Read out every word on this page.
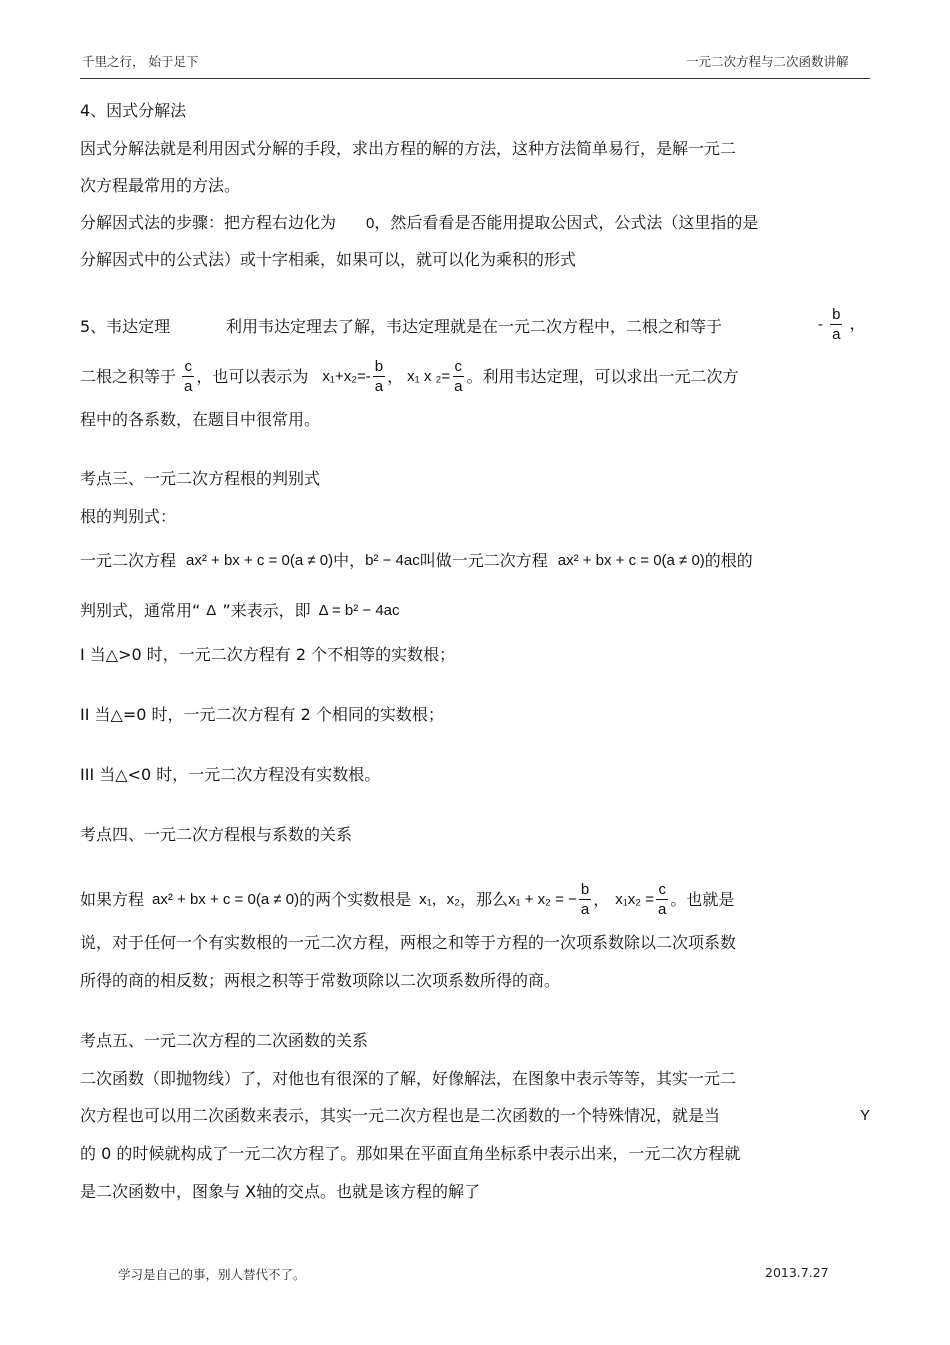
千里之行， 始于足下	一元二次方程与二次函数讲解
4、因式分解法
因式分解法就是利用因式分解的手段，求出方程的解的方法，这种方法简单易行，是解一元二
次方程最常用的方法。
分解因式法的步骤：把方程右边化为 0，然后看看是否能用提取公因式，公式法（这里指的是
分解因式中的公式法）或十字相乘，如果可以，就可以化为乘积的形式
5、韦达定理	利用韦达定理去了解，韦达定理就是在一元二次方程中，二根之和等于	- $\frac{b}{a}$ ，
二根之积等于 $\frac{c}{a}$ ，也可以表示为 $x_1+x_2=- \frac{b}{a}$ ， x₁ x $_2= \frac{c}{a}$ 。利用韦达定理，可以求出一元二次方
程中的各系数，在题目中很常用。
考点三、一元二次方程根的判别式
根的判别式：
一元二次方程 ax² + bx + c = 0(a ≠ 0) 中， b² − 4ac 叫做一元二次方程 ax² + bx + c = 0(a ≠ 0) 的根的
判别式，通常用“ Δ ”来表示，即 Δ = b² − 4ac
I 当△>0 时，一元二次方程有 2 个不相等的实数根；
II 当△=0 时，一元二次方程有 2 个相同的实数根；
III 当△<0 时，一元二次方程没有实数根。
考点四、一元二次方程根与系数的关系
如果方程 ax² + bx + c = 0(a ≠ 0) 的两个实数根是 x₁，x₂ ，那么 x₁ + x₂ = − $\frac{b}{a}$ ， $x_1x_2 = \frac{c}{a}$ 。也就是
说，对于任何一个有实数根的一元二次方程，两根之和等于方程的一次项系数除以二次项系数
所得的商的相反数；两根之积等于常数项除以二次项系数所得的商。
考点五、一元二次方程的二次函数的关系
二次函数（即抛物线）了，对他也有很深的了解，好像解法，在图象中表示等等，其实一元二
次方程也可以用二次函数来表示，其实一元二次方程也是二次函数的一个特殊情况，就是当	Y
的 0 的时候就构成了一元二次方程了。那如果在平面直角坐标系中表示出来，一元二次方程就
是二次函数中，图象与 X轴的交点。也就是该方程的解了
学习是自己的事，别人替代不了。	2013.7.27
